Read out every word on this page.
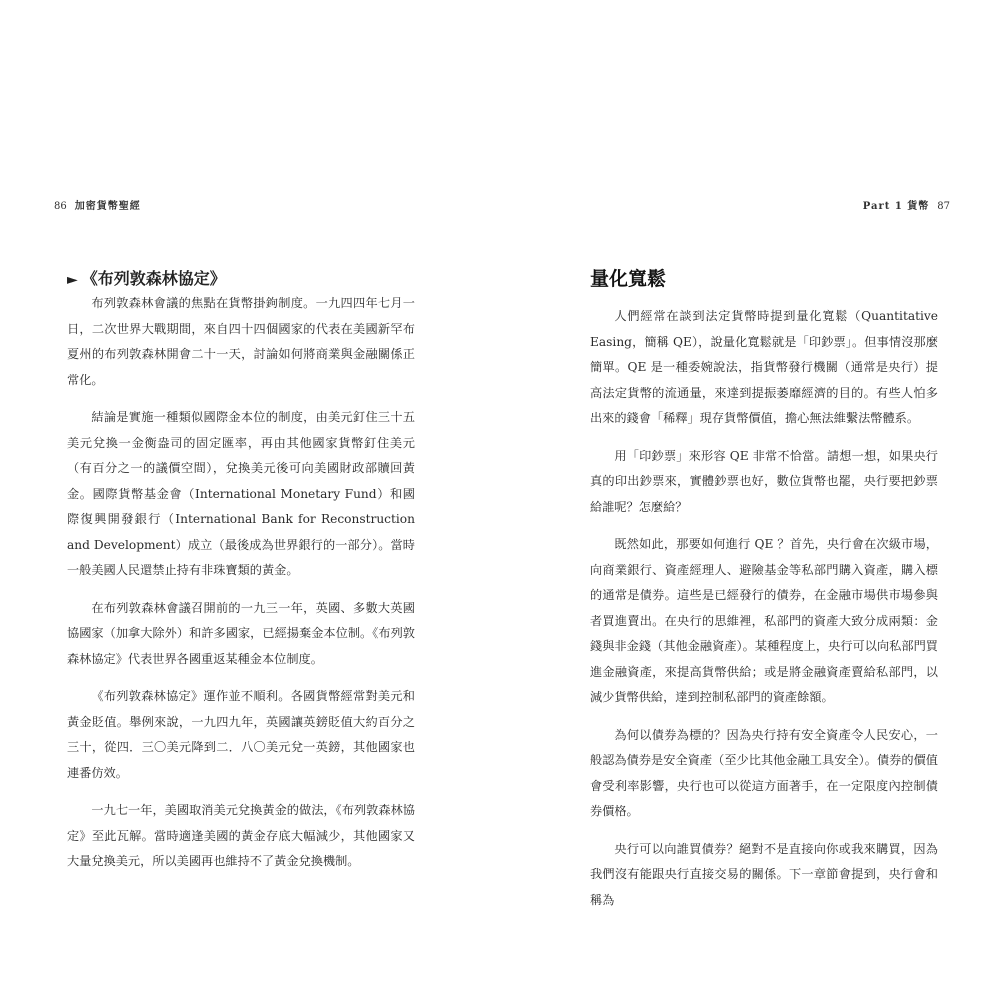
86 加密貨幣聖經
► 《布列敦森林協定》

布列敦森林會議的焦點在貨幣掛鉤制度。一九四四年七月一日，二次世界大戰期間，來自四十四個國家的代表在美國新罕布夏州的布列敦森林開會二十一天，討論如何將商業與金融關係正常化。

結論是實施一種類似國際金本位的制度，由美元釘住三十五美元兌換一金衡盎司的固定匯率，再由其他國家貨幣釘住美元（有百分之一的議價空間），兌換美元後可向美國財政部贖回黃金。國際貨幣基金會（International Monetary Fund）和國際復興開發銀行（International Bank for Reconstruction and Development）成立（最後成為世界銀行的一部分）。當時一般美國人民還禁止持有非珠寶類的黃金。

在布列敦森林會議召開前的一九三一年，英國、多數大英國協國家（加拿大除外）和許多國家，已經揚棄金本位制。《布列敦森林協定》代表世界各國重返某種金本位制度。

《布列敦森林協定》運作並不順利。各國貨幣經常對美元和黃金貶值。舉例來說，一九四九年，英國讓英鎊貶值大約百分之三十，從四．三〇美元降到二．八〇美元兌一英鎊，其他國家也連番仿效。

一九七一年，美國取消美元兌換黃金的做法，《布列敦森林協定》至此瓦解。當時適逢美國的黃金存底大幅減少，其他國家又大量兌換美元，所以美國再也維持不了黃金兌換機制。

Part 1 貨幣 87
量化寬鬆

人們經常在談到法定貨幣時提到量化寬鬆（Quantitative Easing，簡稱 QE），說量化寬鬆就是「印鈔票」。但事情沒那麼簡單。QE 是一種委婉說法，指貨幣發行機關（通常是央行）提高法定貨幣的流通量，來達到提振萎靡經濟的目的。有些人怕多出來的錢會「稀釋」現存貨幣價值，擔心無法維繫法幣體系。

用「印鈔票」來形容 QE 非常不恰當。請想一想，如果央行真的印出鈔票來，實體鈔票也好，數位貨幣也罷，央行要把鈔票給誰呢？怎麼給？

既然如此，那要如何進行 QE ？首先，央行會在次級市場，向商業銀行、資產經理人、避險基金等私部門購入資產，購入標的通常是債券。這些是已經發行的債券，在金融市場供市場參與者買進賣出。在央行的思維裡，私部門的資產大致分成兩類：金錢與非金錢（其他金融資產）。某種程度上，央行可以向私部門買進金融資產，來提高貨幣供給；或是將金融資產賣給私部門，以減少貨幣供給，達到控制私部門的資產餘額。

為何以債券為標的？因為央行持有安全資產令人民安心，一般認為債券是安全資產（至少比其他金融工具安全）。債券的價值會受利率影響，央行也可以從這方面著手，在一定限度內控制債券價格。

央行可以向誰買債券？絕對不是直接向你或我來購買，因為我們沒有能跟央行直接交易的關係。下一章節會提到，央行會和稱為
